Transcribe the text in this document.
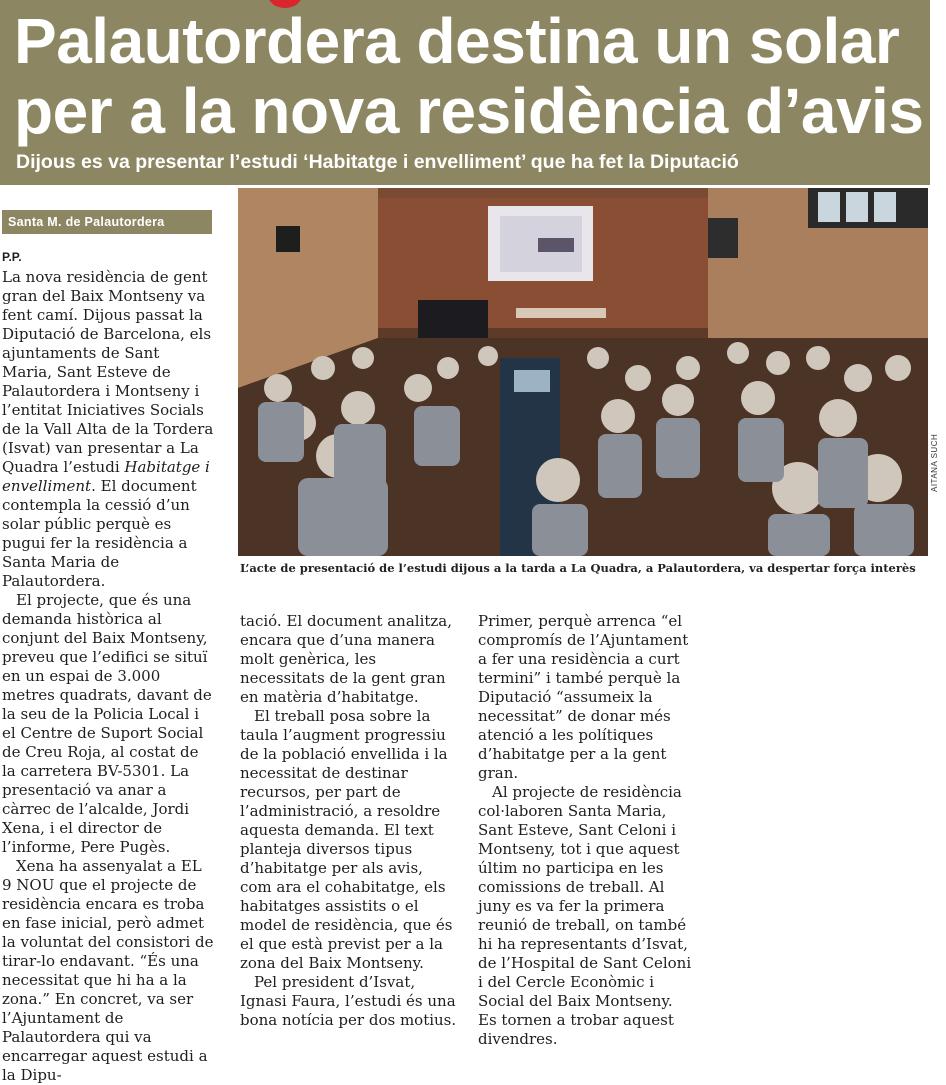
Palautordera destina un solar per a la nova residència d’avis
Dijous es va presentar l’estudi ‘Habitatge i envelliment’ que ha fet la Diputació
Santa M. de Palautordera
P.P.

La nova residència de gent gran del Baix Montseny va fent camí. Dijous passat la Diputació de Barcelona, els ajuntaments de Sant Maria, Sant Esteve de Palautordera i Montseny i l’entitat Iniciatives Socials de la Vall Alta de la Tordera (Isvat) van presentar a La Quadra l’estudi Habitatge i envelliment. El document contempla la cessió d’un solar públic perquè es pugui fer la residència a Santa Maria de Palautordera.

El projecte, que és una demanda històrica al conjunt del Baix Montseny, preveu que l’edifici se situï en un espai de 3.000 metres quadrats, davant de la seu de la Policia Local i el Centre de Suport Social de Creu Roja, al costat de la carretera BV-5301. La presentació va anar a càrrec de l’alcalde, Jordi Xena, i el director de l’informe, Pere Pugès.

Xena ha assenyalat a EL 9 NOU que el projecte de residència encara es troba en fase inicial, però admet la voluntat del consistori de tirar-lo endavant. “És una necessitat que hi ha a la zona.” En concret, va ser l’Ajuntament de Palautordera qui va encarregar aquest estudi a la Dipu-

AITANA SUCH
L’acte de presentació de l’estudi dijous a la tarda a La Quadra, a Palautordera, va despertar força interès

tació. El document analitza, encara que d’una manera molt genèrica, les necessitats de la gent gran en matèria d’habitatge.

El treball posa sobre la taula l’augment progressiu de la població envellida i la necessitat de destinar recursos, per part de l’administració, a resoldre aquesta demanda. El text planteja diversos tipus d’habitatge per als avis, com ara el cohabitatge, els habitatges assistits o el model de residència, que és el que està previst per a la zona del Baix Montseny.

Pel president d’Isvat, Ignasi Faura, l’estudi és una bona notícia per dos motius.

Primer, perquè arrenca “el compromís de l’Ajuntament a fer una residència a curt termini” i també perquè la Diputació “assumeix la necessitat” de donar més atenció a les polítiques d’habitatge per a la gent gran.

Al projecte de residència col·laboren Santa Maria, Sant Esteve, Sant Celoni i Montseny, tot i que aquest últim no participa en les comissions de treball. Al juny es va fer la primera reunió de treball, on també hi ha representants d’Isvat, de l’Hospital de Sant Celoni i del Cercle Econòmic i Social del Baix Montseny. Es tornen a trobar aquest divendres.
